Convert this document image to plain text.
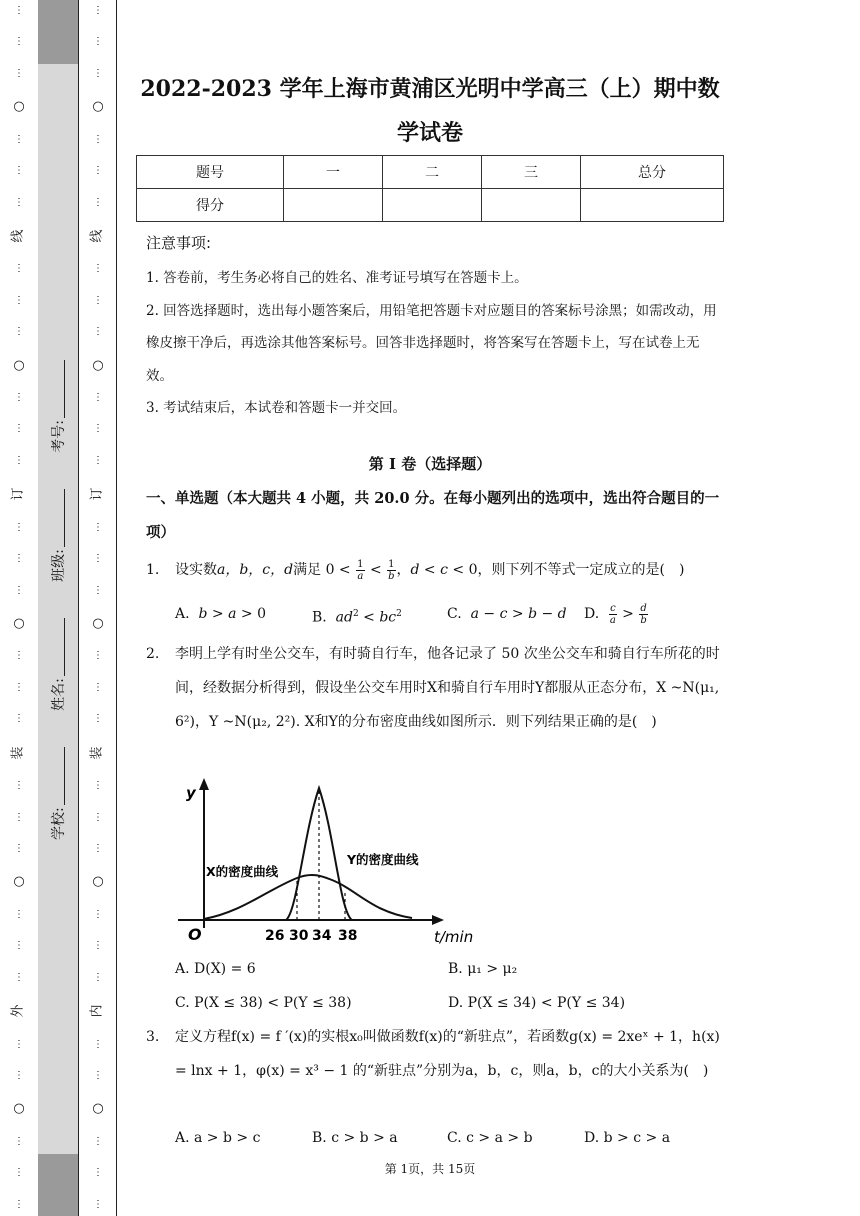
⋮
⋮
⋮
○
⋮
⋮
⋮
线
⋮
⋮
⋮
○
⋮
⋮
⋮
订
⋮
⋮
⋮
○
⋮
⋮
⋮
装
⋮
⋮
⋮
○
⋮
⋮
⋮
外
⋮
⋮
○
⋮
⋮
⋮
学校:
姓名:
班级:
考号:
⋮
⋮
⋮
○
⋮
⋮
⋮
线
⋮
⋮
⋮
○
⋮
⋮
⋮
订
⋮
⋮
⋮
○
⋮
⋮
⋮
装
⋮
⋮
⋮
○
⋮
⋮
⋮
内
⋮
⋮
○
⋮
⋮
⋮
2022-2023 学年上海市黄浦区光明中学高三（上）期中数
学试卷
题号	一	二	三	总分
得分				
注意事项:

1. 答卷前，考生务必将自己的姓名、准考证号填写在答题卡上。

2. 回答选择题时，选出每小题答案后，用铅笔把答题卡对应题目的答案标号涂黑；如需改动，用橡皮擦干净后，再选涂其他答案标号。回答非选择题时，将答案写在答题卡上，写在试卷上无效。

3. 考试结束后，本试卷和答题卡一并交回。

第 I 卷（选择题）
一、单选题（本大题共 4 小题，共 20.0 分。在每小题列出的选项中，选出符合题目的一项）
1. 设实数a，b，c，d满足 $0 < \frac{1}{a} < \frac{1}{b}$ ，d < c < 0，则下列不等式一定成立的是(　)
A. b > a > 0	B. $ad^2 < bc^2$	C. a − c > b − d D. $\frac{c}{a} > \frac{d}{b}$
2. 李明上学有时坐公交车，有时骑自行车，他各记录了 50 次坐公交车和骑自行车所花的时间，经数据分析得到，假设坐公交车用时X和骑自行车用时Y都服从正态分布，X ~N(μ₁, 6²)，Y ~N(μ₂, 2²). X和Y的分布密度曲线如图所示．则下列结果正确的是(　)
y
O	t/min
26 30 34 38
X的密度曲线
Y的密度曲线
A. D(X) = 6	B. μ₁ > μ₂
C. P(X ≤ 38) < P(Y ≤ 38)	D. P(X ≤ 34) < P(Y ≤ 34)
3. 定义方程f(x) = f ′(x)的实根x₀叫做函数f(x)的“新驻点”，若函数g(x) = 2xeˣ + 1，h(x) = lnx + 1，φ(x) = x³ − 1 的“新驻点”分别为a，b，c，则a，b，c的大小关系为(　)
A. a > b > c	B. c > b > a	C. c > a > b	D. b > c > a
第 1页，共 15页
